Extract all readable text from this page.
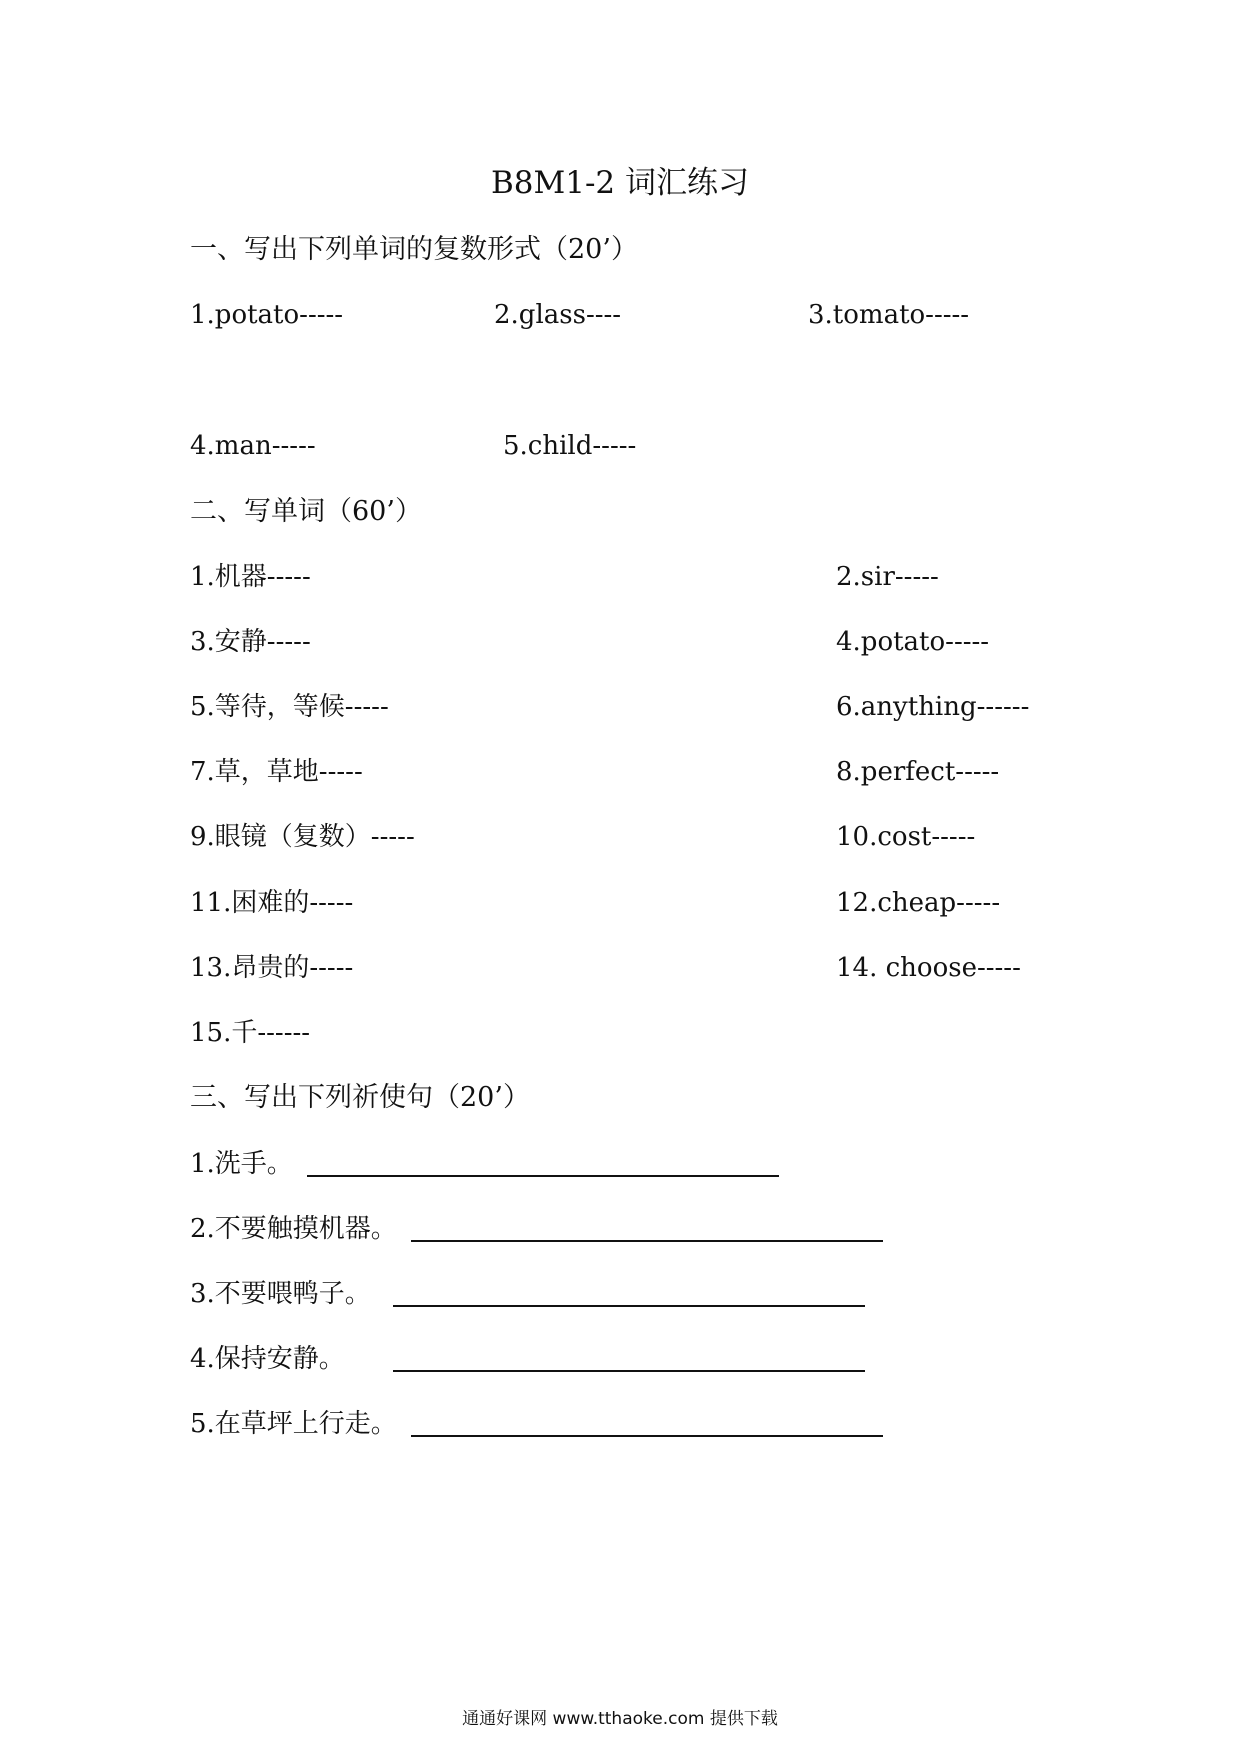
B8M1-2 词汇练习
一、写出下列单词的复数形式（20’）
1.potato-----	2.glass----	3.tomato-----
4.man-----	5.child-----
二、写单词（60’）
1.机器-----	2.sir-----
3.安静-----	4.potato-----
5.等待，等候-----	6.anything------
7.草，草地-----	8.perfect-----
9.眼镜（复数）-----	10.cost-----
11.困难的-----	12.cheap-----
13.昂贵的-----	14. choose-----
15.千------
三、写出下列祈使句（20’）
1.洗手。
2.不要触摸机器。
3.不要喂鸭子。
4.保持安静。
5.在草坪上行走。
通通好课网 www.tthaoke.com 提供下载
